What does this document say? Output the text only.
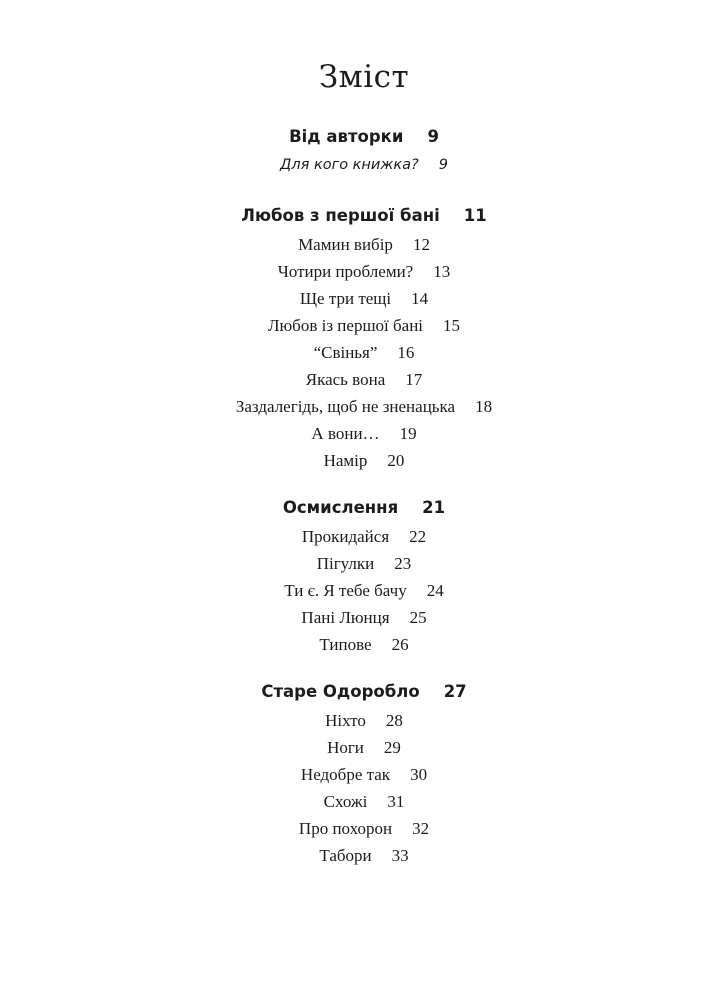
Зміст
Від авторки 9
Для кого книжка? 9
Любов з першої бані 11
Мамин вибір 12
Чотири проблеми? 13
Ще три тещі 14
Любов із першої бані 15
“Свінья” 16
Якась вона 17
Заздалегідь, щоб не зненацька 18
А вони… 19
Намір 20
Осмислення 21
Прокидайся 22
Пігулки 23
Ти є. Я тебе бачу 24
Пані Люнця 25
Типове 26
Старе Одоробло 27
Ніхто 28
Ноги 29
Недобре так 30
Схожі 31
Про похорон 32
Табори 33
